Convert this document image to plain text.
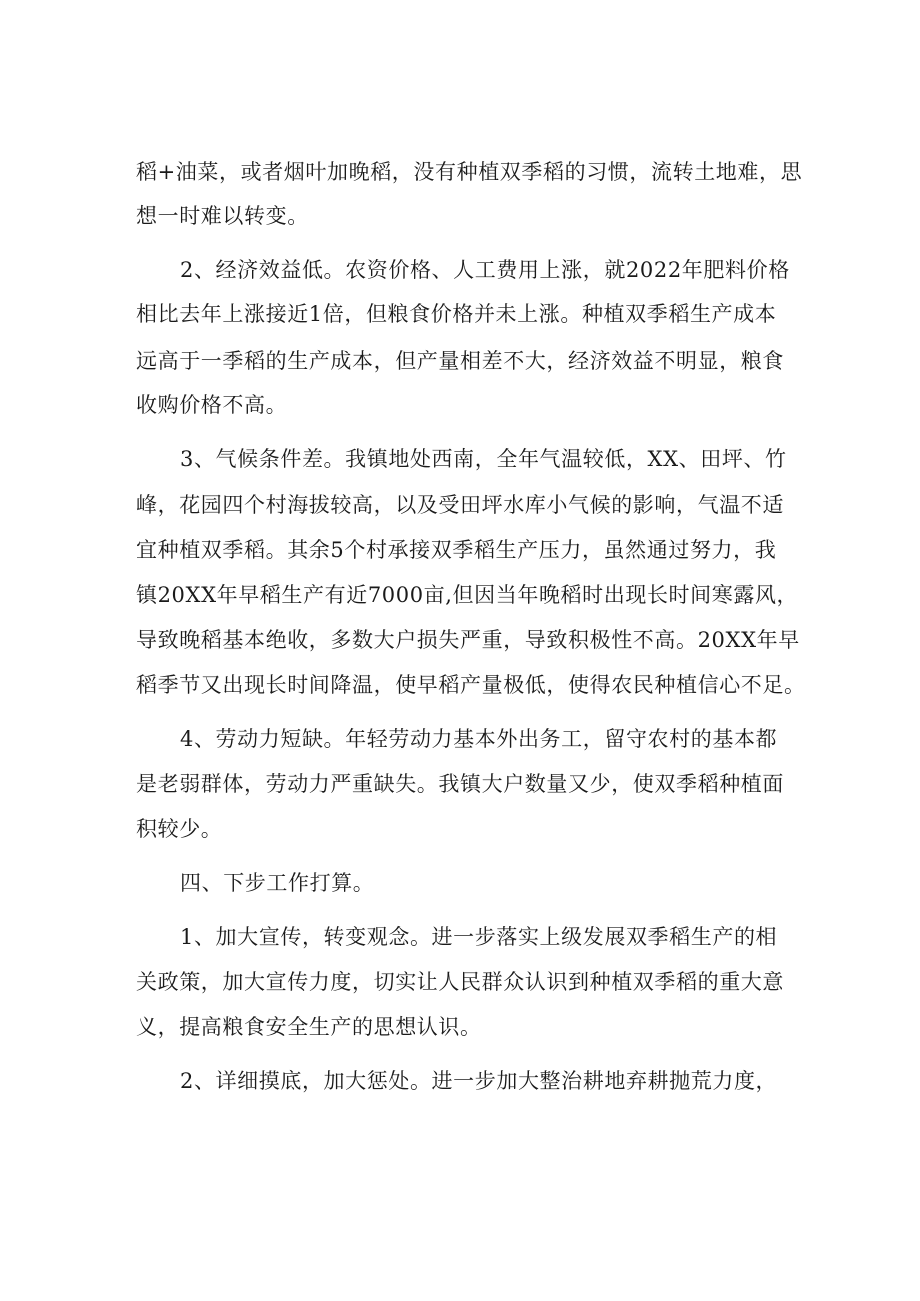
稻+油菜，或者烟叶加晚稻，没有种植双季稻的习惯，流转土地难，思
想一时难以转变。
2、经济效益低。农资价格、人工费用上涨，就2022年肥料价格
相比去年上涨接近1倍，但粮食价格并未上涨。种植双季稻生产成本
远高于一季稻的生产成本，但产量相差不大，经济效益不明显，粮食
收购价格不高。
3、气候条件差。我镇地处西南，全年气温较低，XX、田坪、竹
峰，花园四个村海拔较高，以及受田坪水库小气候的影响，气温不适
宜种植双季稻。其余5个村承接双季稻生产压力，虽然通过努力，我
镇20XX年早稻生产有近7000亩,但因当年晚稻时出现长时间寒露风，
导致晚稻基本绝收，多数大户损失严重，导致积极性不高。20XX年早
稻季节又出现长时间降温，使早稻产量极低，使得农民种植信心不足。
4、劳动力短缺。年轻劳动力基本外出务工，留守农村的基本都
是老弱群体，劳动力严重缺失。我镇大户数量又少，使双季稻种植面
积较少。
四、下步工作打算。
1、加大宣传，转变观念。进一步落实上级发展双季稻生产的相
关政策，加大宣传力度，切实让人民群众认识到种植双季稻的重大意
义，提高粮食安全生产的思想认识。
2、详细摸底，加大惩处。进一步加大整治耕地弃耕抛荒力度，
